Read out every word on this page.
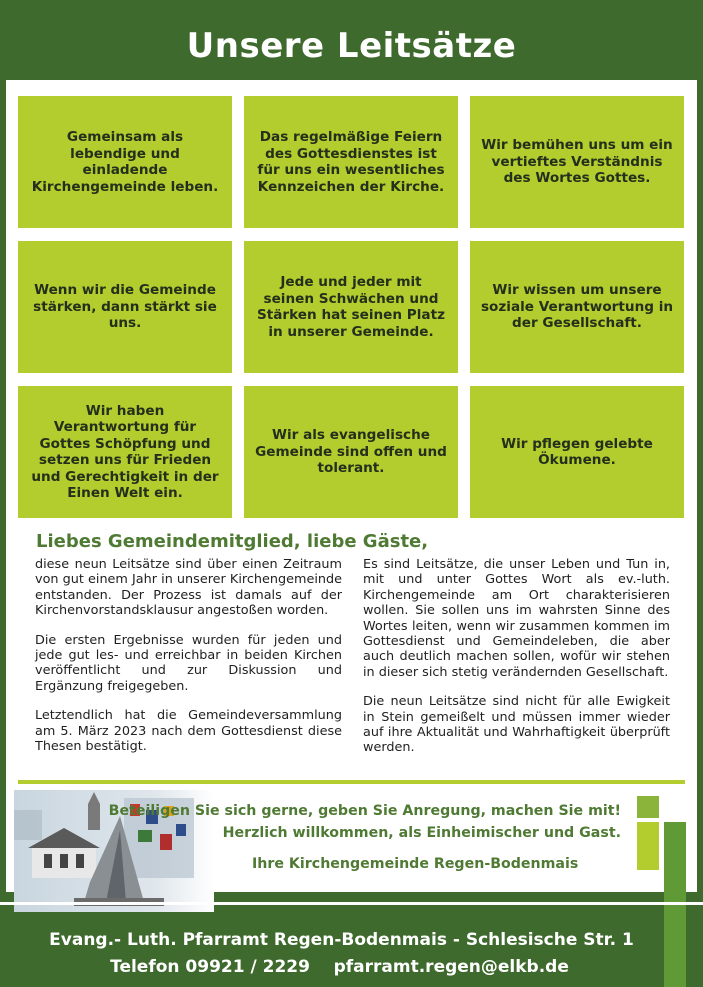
Unsere Leitsätze
Gemeinsam als lebendige und einladende Kirchengemeinde leben.
Das regelmäßige Feiern des Gottesdienstes ist für uns ein wesentliches Kennzeichen der Kirche.
Wir bemühen uns um ein vertieftes Verständnis des Wortes Gottes.
Wenn wir die Gemeinde stärken, dann stärkt sie uns.
Jede und jeder mit seinen Schwächen und Stärken hat seinen Platz in unserer Gemeinde.
Wir wissen um unsere soziale Verantwortung in der Gesellschaft.
Wir haben Verantwortung für Gottes Schöpfung und setzen uns für Frieden und Gerechtigkeit in der Einen Welt ein.
Wir als evangelische Gemeinde sind offen und tolerant.
Wir pflegen gelebte Ökumene.
Liebes Gemeindemitglied, liebe Gäste,

diese neun Leitsätze sind über einen Zeitraum von gut einem Jahr in unserer Kirchengemeinde entstanden. Der Prozess ist damals auf der Kirchenvorstandsklausur angestoßen worden.

Die ersten Ergebnisse wurden für jeden und jede gut les- und erreichbar in beiden Kirchen veröffentlicht und zur Diskussion und Ergänzung freigegeben.

Letztendlich hat die Gemeindeversammlung am 5. März 2023 nach dem Gottesdienst diese Thesen bestätigt.

Es sind Leitsätze, die unser Leben und Tun in, mit und unter Gottes Wort als ev.-luth. Kirchengemeinde am Ort charakterisieren wollen. Sie sollen uns im wahrsten Sinne des Wortes leiten, wenn wir zusammen kommen im Gottesdienst und Gemeindeleben, die aber auch deutlich machen sollen, wofür wir stehen in dieser sich stetig verändernden Gesellschaft.

Die neun Leitsätze sind nicht für alle Ewigkeit in Stein gemeißelt und müssen immer wieder auf ihre Aktualität und Wahrhaftigkeit überprüft werden.

Beteiligen Sie sich gerne, geben Sie Anregung, machen Sie mit!
Herzlich willkommen, als Einheimischer und Gast.
Ihre Kirchengemeinde Regen-Bodenmais
Evang.- Luth. Pfarramt Regen-Bodenmais - Schlesische Str. 1
Telefon 09921 / 2229    pfarramt.regen@elkb.de
